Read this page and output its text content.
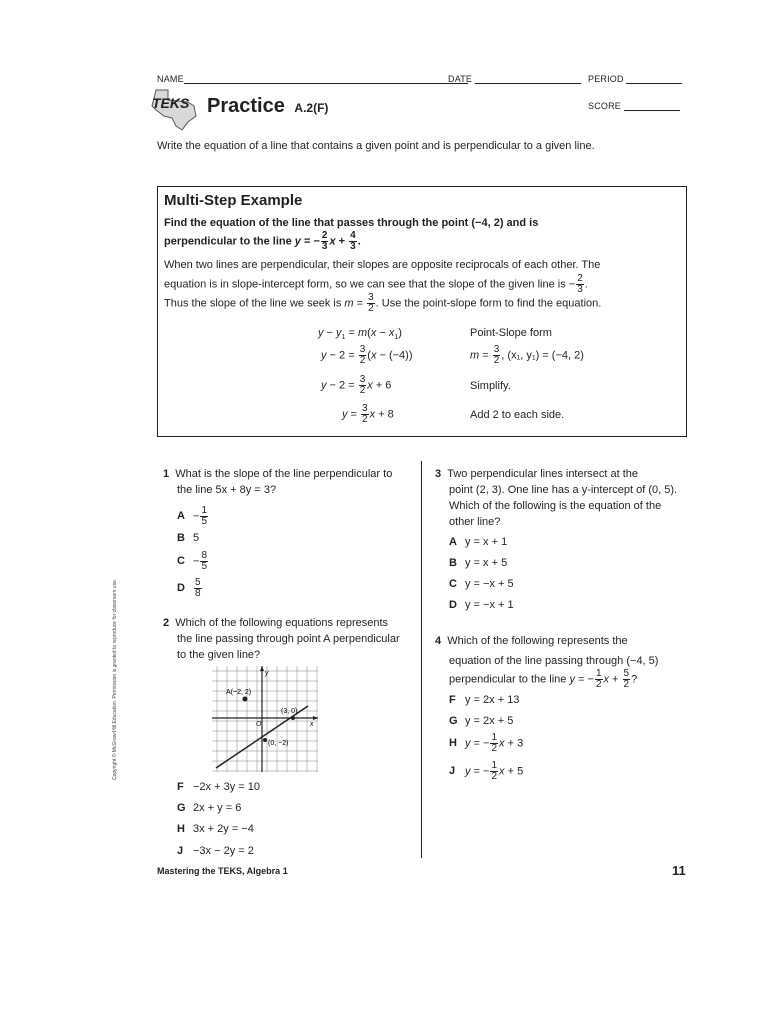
NAME	DATE	PERIOD
SCORE
TEKS Practice A.2(F)
Write the equation of a line that contains a given point and is perpendicular to a given line.
Multi-Step Example
Find the equation of the line that passes through the point (−4, 2) and is
perpendicular to the line y = − $\frac{2}{3}$ $x + \frac{4}{3}$ .
When two lines are perpendicular, their slopes are opposite reciprocals of each other. The
equation is in slope-intercept form, so we can see that the slope of the given line is − $\frac{2}{3}$ .
Thus the slope of the line we seek is $m = \frac{3}{2}$ . Use the point-slope form to find the equation.
$y - y_1 = m(x - x_1)$	Point-Slope form
$y - 2 = \frac{3}{2} (x - (-4))$	$m = \frac{3}{2}$ , (x₁, y₁) = (−4, 2)
$y - 2 = \frac{3}{2}$ x + 6	Simplify.
$y = \frac{3}{2}$ x + 8	Add 2 to each side.
Copyright © McGraw-Hill Education. Permission is granted to reproduce for classroom use.
1 What is the slope of the line perpendicular to
the line 5x + 8y = 3?
$A - \frac{1}{5}$
B 5
$C - \frac{8}{5}$
D $\frac{5}{8}$
2 Which of the following equations represents
the line passing through point A perpendicular
to the given line?
y
x
O
A(−2, 2)
(3, 0)
(0, −2)
F −2x + 3y = 10
G 2x + y = 6
H 3x + 2y = −4
J −3x − 2y = 2
3 Two perpendicular lines intersect at the
point (2, 3). One line has a y-intercept of (0, 5).
Which of the following is the equation of the
other line?
A y = x + 1
B y = x + 5
C y = −x + 5
D y = −x + 1
4 Which of the following represents the
equation of the line passing through (−4, 5)
perpendicular to the line y = − $\frac{1}{2}$ $x + \frac{5}{2}$ ?
F y = 2x + 13
G y = 2x + 5
H y = − $\frac{1}{2}$ x + 3
J y = − $\frac{1}{2}$ x + 5
Mastering the TEKS, Algebra 1	11
